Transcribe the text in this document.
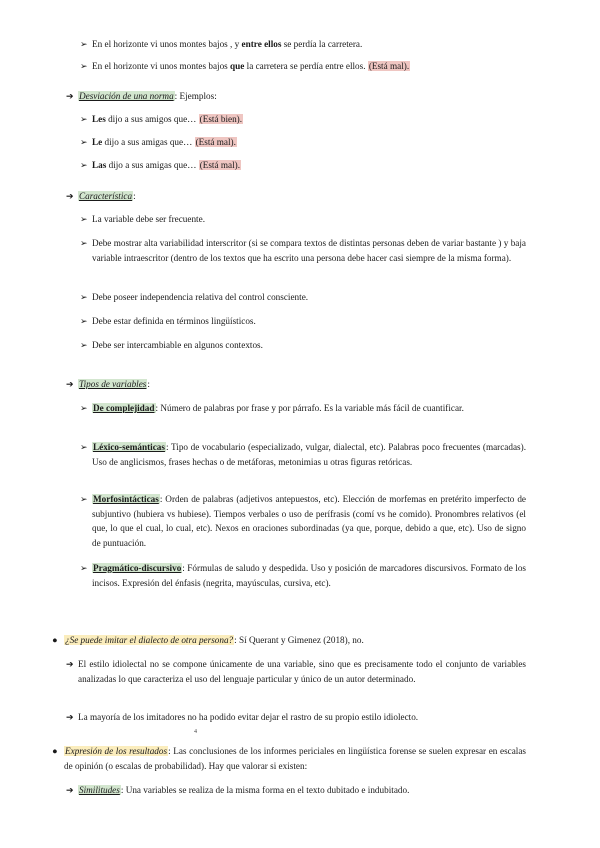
➢ En el horizonte vi unos montes bajos , y entre ellos se perdía la carretera.
➢ En el horizonte vi unos montes bajos que la carretera se perdía entre ellos. (Está mal).
➔ Desviación de una norma: Ejemplos:
➢ Les dijo a sus amigos que… (Está bien).
➢ Le dijo a sus amigas que… (Está mal).
➢ Las dijo a sus amigas que… (Está mal).
➔ Característica:
➢ La variable debe ser frecuente.
➢ Debe mostrar alta variabilidad interscritor (si se compara textos de distintas personas deben de variar bastante ) y baja variable intraescritor (dentro de los textos que ha escrito una persona debe hacer casi siempre de la misma forma).
➢ Debe poseer independencia relativa del control consciente.
➢ Debe estar definida en términos lingüísticos.
➢ Debe ser intercambiable en algunos contextos.
➔ Tipos de variables:
➢ De complejidad: Número de palabras por frase y por párrafo. Es la variable más fácil de cuantificar.
➢ Léxico-semánticas: Tipo de vocabulario (especializado, vulgar, dialectal, etc). Palabras poco frecuentes (marcadas). Uso de anglicismos, frases hechas o de metáforas, metonimias u otras figuras retóricas.
➢ Morfosintácticas: Orden de palabras (adjetivos antepuestos, etc). Elección de morfemas en pretérito imperfecto de subjuntivo (hubiera vs hubiese). Tiempos verbales o uso de perífrasis (comí vs he comido). Pronombres relativos (el que, lo que el cual, lo cual, etc). Nexos en oraciones subordinadas (ya que, porque, debido a que, etc). Uso de signo de puntuación.
➢ Pragmático-discursivo: Fórmulas de saludo y despedida. Uso y posición de marcadores discursivos. Formato de los incisos. Expresión del énfasis (negrita, mayúsculas, cursiva, etc).
● ¿Se puede imitar el dialecto de otra persona?: Sí Querant y Gimenez (2018), no.
➔ El estilo idiolectal no se compone únicamente de una variable, sino que es precisamente todo el conjunto de variables analizadas lo que caracteriza el uso del lenguaje particular y único de un autor determinado.
➔ La mayoría de los imitadores no ha podido evitar dejar el rastro de su propio estilo idiolecto.
4
● Expresión de los resultados: Las conclusiones de los informes periciales en lingüística forense se suelen expresar en escalas de opinión (o escalas de probabilidad). Hay que valorar si existen:
➔ Similitudes: Una variables se realiza de la misma forma en el texto dubitado e indubitado.
